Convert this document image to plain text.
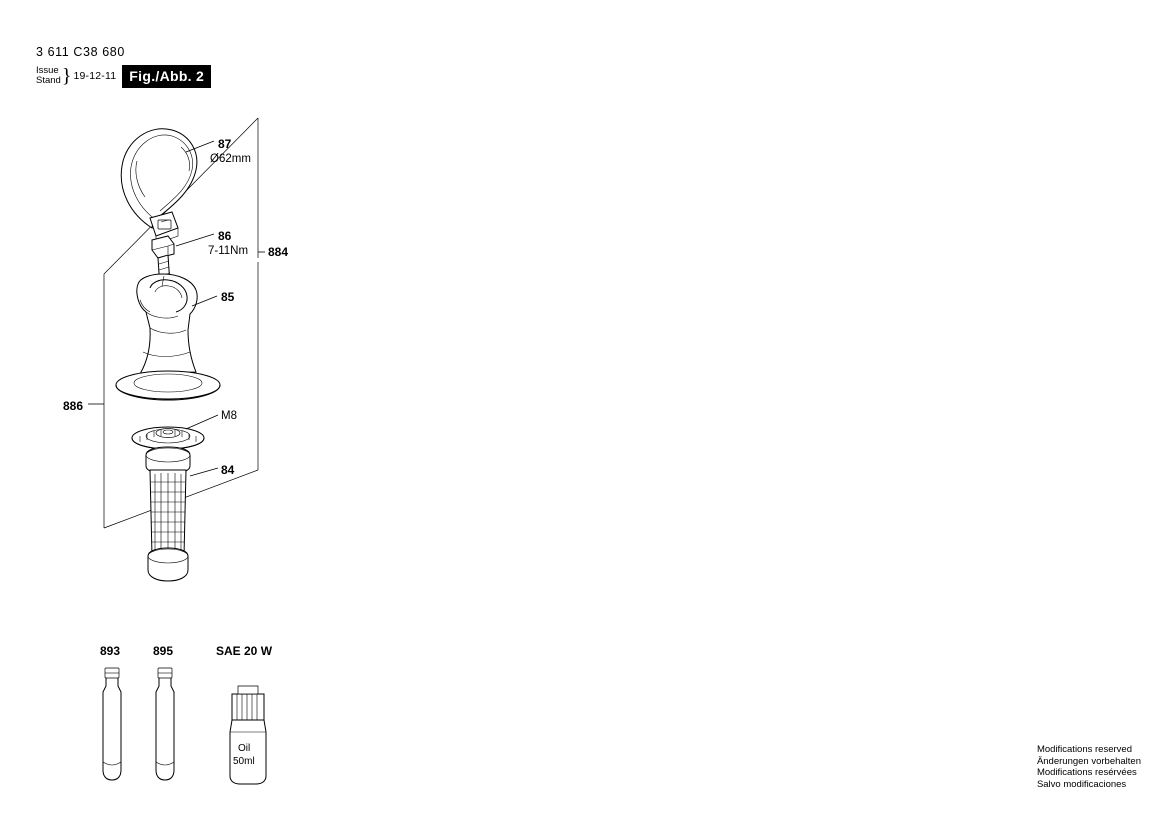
3 611 C38 680
Issue
Stand } 19-12-11 Fig./Abb. 2
87
Ø62mm
86
7-11Nm 884
85
886
M8
84
893	895	SAE 20 W
Oil
50ml
Modifications reserved
Änderungen vorbehalten
Modifications resérvées
Salvo modificaciones
